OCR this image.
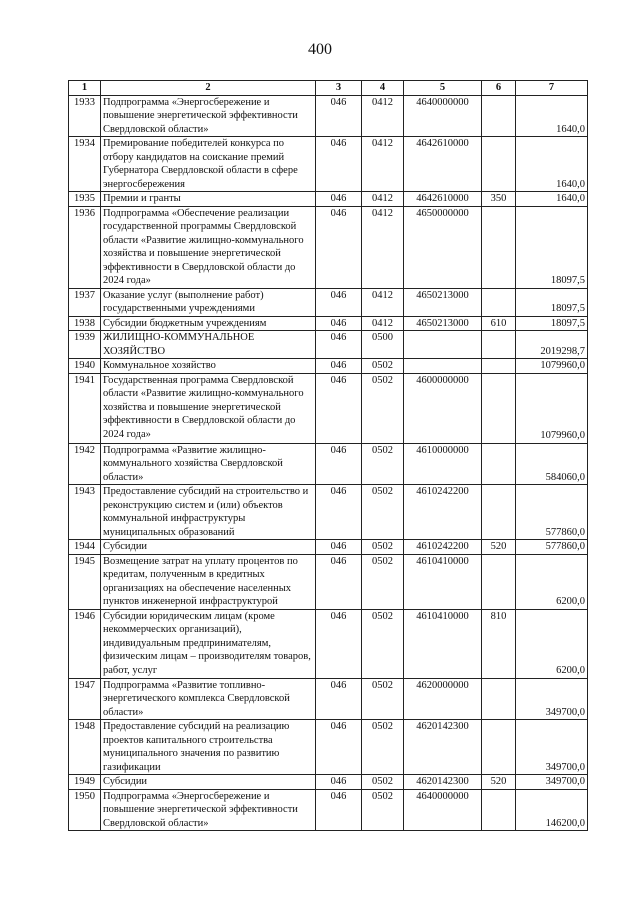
400
1	2	3	4	5	6	7
1933	Подпрограмма «Энергосбережение и повышение энергетической эффективности Свердловской области»	046	0412	4640000000		1640,0
1934	Премирование победителей конкурса по отбору кандидатов на соискание премий Губернатора Свердловской области в сфере энергосбережения	046	0412	4642610000		1640,0
1935	Премии и гранты	046	0412	4642610000	350	1640,0
1936	Подпрограмма «Обеспечение реализации государственной программы Свердловской области «Развитие жилищно-коммунального хозяйства и повышение энергетической эффективности в Свердловской области до 2024 года»	046	0412	4650000000		18097,5
1937	Оказание услуг (выполнение работ) государственными учреждениями	046	0412	4650213000		18097,5
1938	Субсидии бюджетным учреждениям	046	0412	4650213000	610	18097,5
1939	ЖИЛИЩНО-КОММУНАЛЬНОЕ ХОЗЯЙСТВО	046	0500			2019298,7
1940	Коммунальное хозяйство	046	0502			1079960,0
1941	Государственная программа Свердловской области «Развитие жилищно-коммунального хозяйства и повышение энергетической эффективности в Свердловской области до 2024 года»	046	0502	4600000000		1079960,0
1942	Подпрограмма «Развитие жилищно-коммунального хозяйства Свердловской области»	046	0502	4610000000		584060,0
1943	Предоставление субсидий на строительство и реконструкцию систем и (или) объектов коммунальной инфраструктуры муниципальных образований	046	0502	4610242200		577860,0
1944	Субсидии	046	0502	4610242200	520	577860,0
1945	Возмещение затрат на уплату процентов по кредитам, полученным в кредитных организациях на обеспечение населенных пунктов инженерной инфраструктурой	046	0502	4610410000		6200,0
1946	Субсидии юридическим лицам (кроме некоммерческих организаций), индивидуальным предпринимателям, физическим лицам – производителям товаров, работ, услуг	046	0502	4610410000	810	6200,0
1947	Подпрограмма «Развитие топливно-энергетического комплекса Свердловской области»	046	0502	4620000000		349700,0
1948	Предоставление субсидий на реализацию проектов капитального строительства муниципального значения по развитию газификации	046	0502	4620142300		349700,0
1949	Субсидии	046	0502	4620142300	520	349700,0
1950	Подпрограмма «Энергосбережение и повышение энергетической эффективности Свердловской области»	046	0502	4640000000		146200,0
